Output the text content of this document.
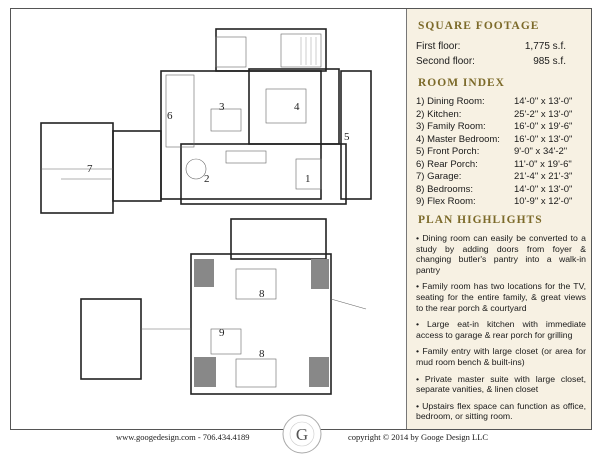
1
2
3	4
5
6
7
8
8
9
SQUARE FOOTAGE
First floor:	1,775 s.f.
Second floor:	985 s.f.
ROOM INDEX
1) Dining Room:	14'-0" x 13'-0"
2) Kitchen:	25'-2" x 13'-0"
3) Family Room:	16'-0" x 19'-6"
4) Master Bedroom: 16'-0" x 13'-0"
5) Front Porch:	9'-0" x 34'-2"
6) Rear Porch:	11'-0" x 19'-6"
7) Garage:	21'-4" x 21'-3"
8) Bedrooms:	14'-0" x 13'-0"
9) Flex Room:	10'-9" x 12'-0"
PLAN HIGHLIGHTS
• Dining room can easily be converted to a study by adding doors from foyer & changing butler's pantry into a walk-in pantry
• Family room has two locations for the TV, seating for the entire family, & great views to the rear porch & courtyard
• Large eat-in kitchen with immediate access to garage & rear porch for grilling
• Family entry with large closet (or area for mud room bench & built-ins)
• Private master suite with large closet, separate vanities, & linen closet
• Upstairs flex space can function as office, bedroom, or sitting room.
www.googedesign.com - 706.434.4189	G	copyright © 2014 by Googe Design LLC
